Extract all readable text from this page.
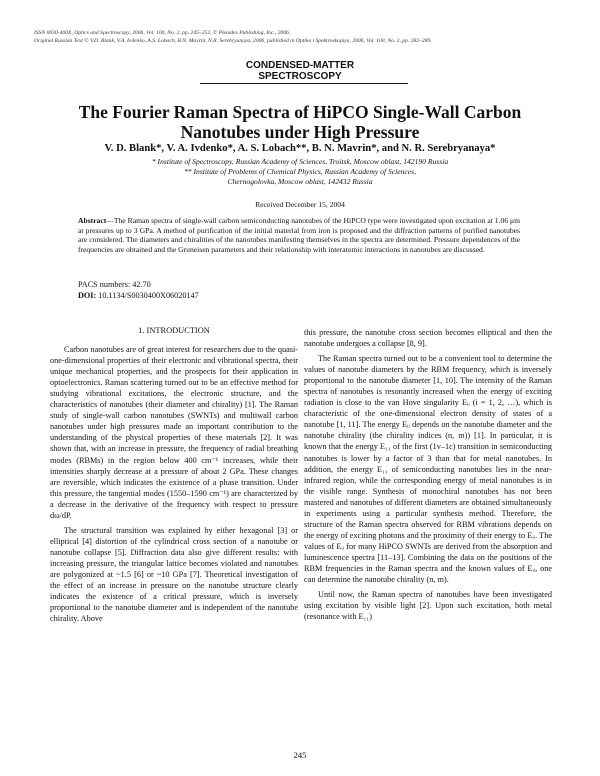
ISSN 0030-400X, Optics and Spectroscopy, 2006, Vol. 100, No. 2, pp. 245–252. © Pleiades Publishing, Inc., 2006.
Original Russian Text © V.D. Blank, V.A. Ivdenko, A.S. Lobach, B.N. Mavrin, N.R. Serebryanaya, 2006, published in Optika i Spektroskopiya, 2006, Vol. 100, No. 2, pp. 282–289.
CONDENSED-MATTER
SPECTROSCOPY
The Fourier Raman Spectra of HiPCO Single-Wall Carbon
Nanotubes under High Pressure
V. D. Blank*, V. A. Ivdenko*, A. S. Lobach**, B. N. Mavrin*, and N. R. Serebryanaya*
* Institute of Spectroscopy, Russian Academy of Sciences, Troitsk, Moscow oblast, 142190 Russia
** Institute of Problems of Chemical Physics, Russian Academy of Sciences,
Chernogolovka, Moscow oblast, 142432 Russia
Received December 15, 2004
Abstract—The Raman spectra of single-wall carbon semiconducting nanotubes of the HiPCO type were investigated upon excitation at 1.06 μm at pressures up to 3 GPa. A method of purification of the initial material from iron is proposed and the diffraction patterns of purified nanotubes are considered. The diameters and chiralities of the nanotubes manifesting themselves in the spectra are determined. Pressure dependences of the frequencies are obtained and the Gruneisen parameters and their relationship with interatomic interactions in nanotubes are discussed.
PACS numbers: 42.70
DOI: 10.1134/S0030400X06020147

1. INTRODUCTION

Carbon nanotubes are of great interest for researchers due to the quasi-one-dimensional properties of their electronic and vibrational spectra, their unique mechanical properties, and the prospects for their application in optoelectronics. Raman scattering turned out to be an effective method for studying vibrational excitations, the electronic structure, and the characteristics of nanotubes (their diameter and chirality) [1]. The Raman study of single-wall carbon nanotubes (SWNTs) and multiwall carbon nanotubes under high pressures made an important contribution to the understanding of the physical properties of these materials [2]. It was shown that, with an increase in pressure, the frequency of radial breathing modes (RBMs) in the region below 400 cm⁻¹ increases, while their intensities sharply decrease at a pressure of about 2 GPa. These changes are reversible, which indicates the existence of a phase transition. Under this pressure, the tangential modes (1550–1590 cm⁻¹) are characterized by a decrease in the derivative of the frequency with respect to pressure dω/dP.

The structural transition was explained by either hexagonal [3] or elliptical [4] distortion of the cylindrical cross section of a nanotube or nanotube collapse [5]. Diffraction data also give different results: with increasing pressure, the triangular lattice becomes violated and nanotubes are polygonized at ~1.5 [6] or ~10 GPa [7]. Theoretical investigation of the effect of an increase in pressure on the nanotube structure clearly indicates the existence of a critical pressure, which is inversely proportional to the nanotube diameter and is independent of the nanotube chirality. Above

this pressure, the nanotube cross section becomes elliptical and then the nanotube undergoes a collapse [8, 9].

The Raman spectra turned out to be a convenient tool to determine the values of nanotube diameters by the RBM frequency, which is inversely proportional to the nanotube diameter [1, 10]. The intensity of the Raman spectra of nanotubes is resonantly increased when the energy of exciting radiation is close to the van Hove singularity Eᵢᵢ (i = 1, 2, …), which is characteristic of the one-dimensional electron density of states of a nanotube [1, 11]. The energy Eᵢᵢ depends on the nanotube diameter and the nanotube chirality (the chirality indices (n, m)) [1]. In particular, it is known that the energy E₁₁ of the first (1v–1c) transition in semiconducting nanotubes is lower by a factor of 3 than that for metal nanotubes. In addition, the energy E₁₁ of semiconducting nanotubes lies in the near-infrared region, while the corresponding energy of metal nanotubes is in the visible range. Synthesis of monochiral nanotubes has not been mastered and nanotubes of different diameters are obtained simultaneously in experiments using a particular synthesis method. Therefore, the structure of the Raman spectra observed for RBM vibrations depends on the energy of exciting photons and the proximity of their energy to Eᵢᵢ. The values of Eᵢᵢ for many HiPCO SWNTs are derived from the absorption and luminescence spectra [11–13]. Combining the data on the positions of the RBM frequencies in the Raman spectra and the known values of Eᵢᵢ, one can determine the nanotube chirality (n, m).

Until now, the Raman spectra of nanotubes have been investigated using excitation by visible light [2]. Upon such excitation, both metal (resonance with E₁₁)

245
